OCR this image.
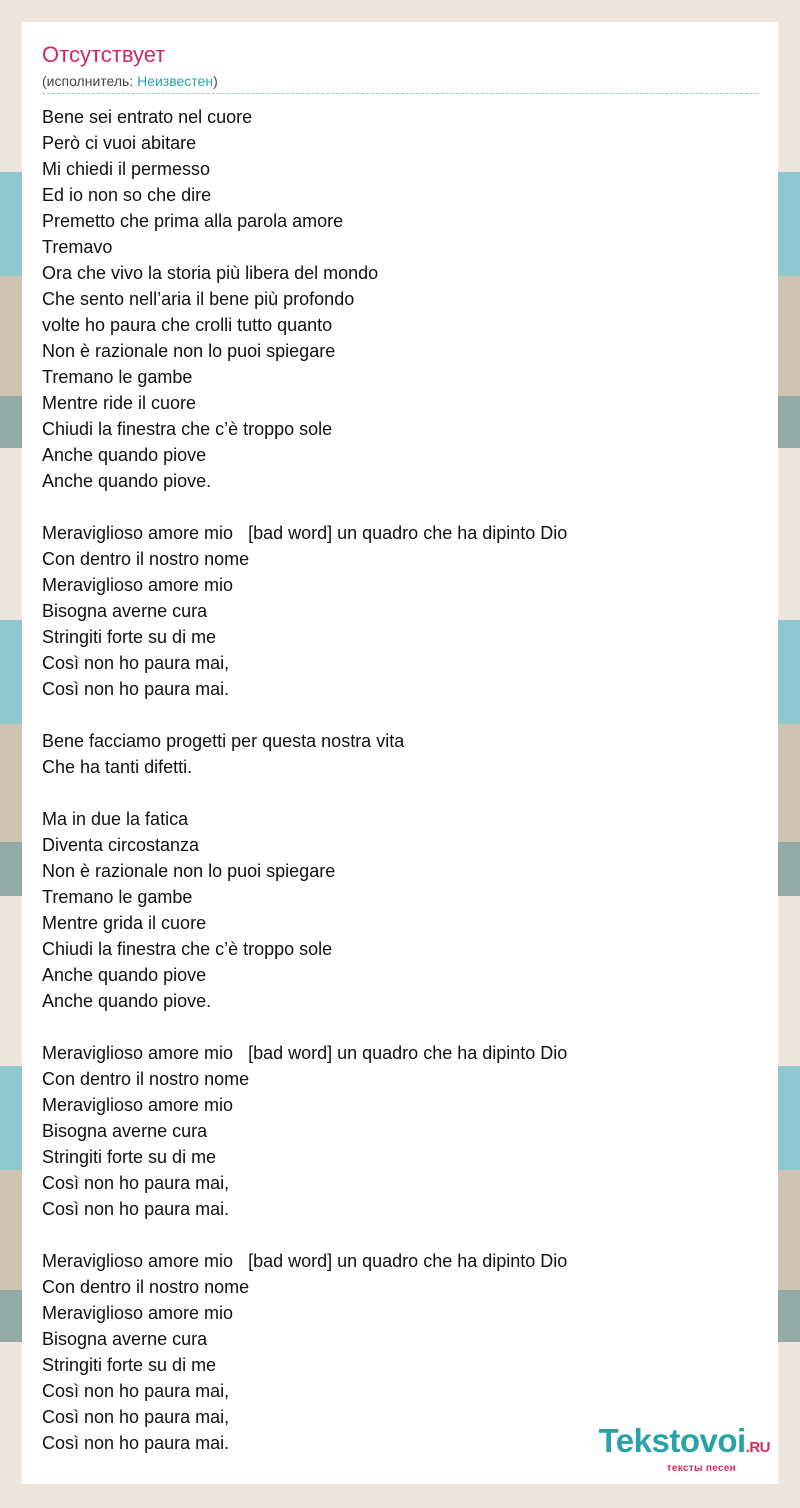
Отсутствует
(исполнитель: Неизвестен)
Bene sei entrato nel cuore
Però ci vuoi abitare
Mi chiedi il permesso
Ed io non so che dire
Premetto che prima alla parola amore
Tremavo
Ora che vivo la storia più libera del mondo
Che sento nell’aria il bene più profondo
volte ho paura che crolli tutto quanto
Non è razionale non lo puoi spiegare
Tremano le gambe
Mentre ride il cuore
Chiudi la finestra che c’è troppo sole
Anche quando piove
Anche quando piove.
Meraviglioso amore mio   [bad word] un quadro che ha dipinto Dio
Con dentro il nostro nome
Meraviglioso amore mio
Bisogna averne cura
Stringiti forte su di me
Così non ho paura mai,
Così non ho paura mai.
Bene facciamo progetti per questa nostra vita
Che ha tanti difetti.
Ma in due la fatica
Diventa circostanza
Non è razionale non lo puoi spiegare
Tremano le gambe
Mentre grida il cuore
Chiudi la finestra che c’è troppo sole
Anche quando piove
Anche quando piove.
Meraviglioso amore mio   [bad word] un quadro che ha dipinto Dio
Con dentro il nostro nome
Meraviglioso amore mio
Bisogna averne cura
Stringiti forte su di me
Così non ho paura mai,
Così non ho paura mai.
Meraviglioso amore mio   [bad word] un quadro che ha dipinto Dio
Con dentro il nostro nome
Meraviglioso amore mio
Bisogna averne cura
Stringiti forte su di me
Così non ho paura mai,
Così non ho paura mai,
Così non ho paura mai.	Tekstovoi.RU
тексты песен
